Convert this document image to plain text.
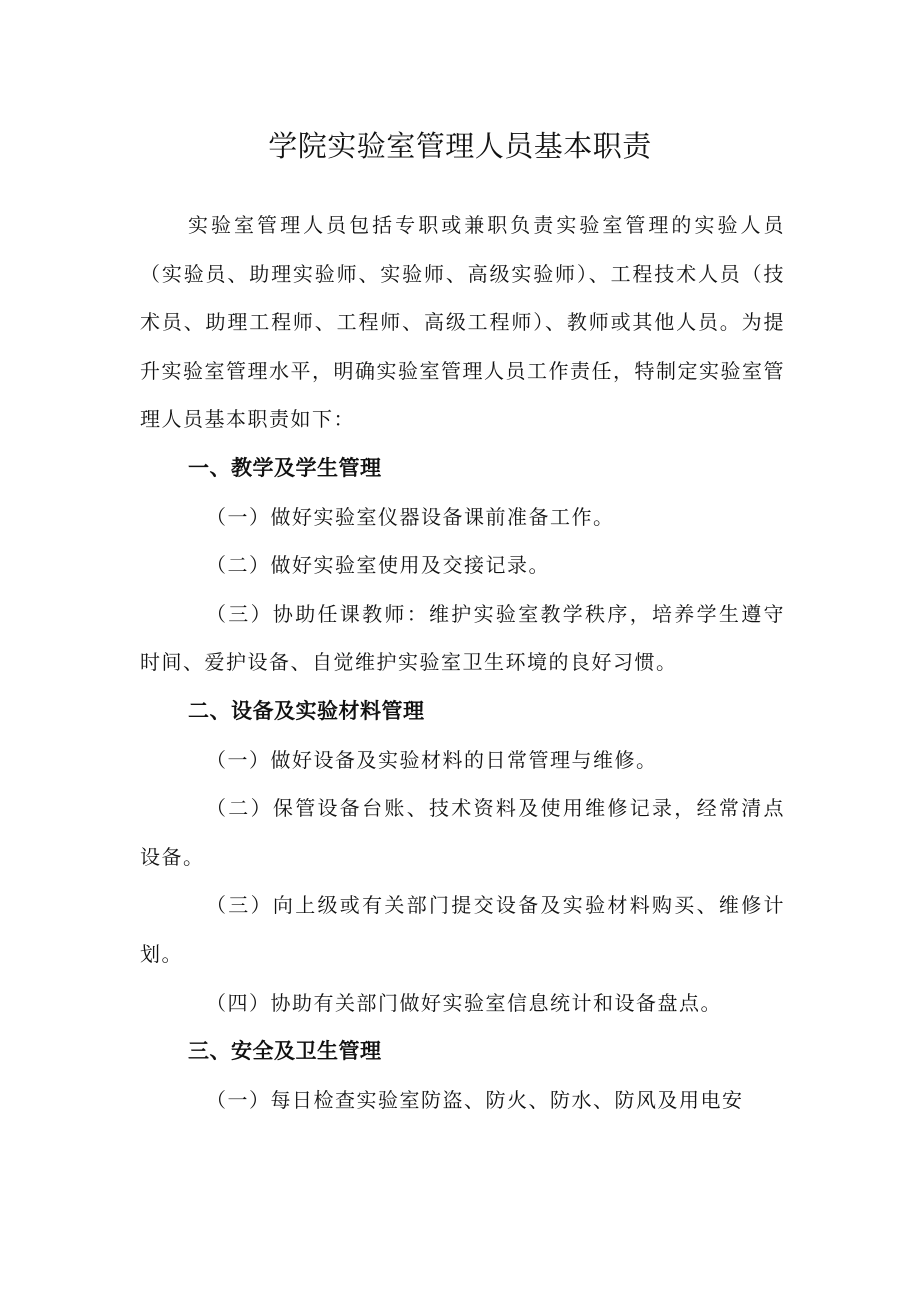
学院实验室管理人员基本职责

实验室管理人员包括专职或兼职负责实验室管理的实验人员（实验员、助理实验师、实验师、高级实验师）、工程技术人员（技术员、助理工程师、工程师、高级工程师）、教师或其他人员。为提升实验室管理水平，明确实验室管理人员工作责任，特制定实验室管理人员基本职责如下：

一、教学及学生管理

（一）做好实验室仪器设备课前准备工作。

（二）做好实验室使用及交接记录。

（三）协助任课教师：维护实验室教学秩序，培养学生遵守时间、爱护设备、自觉维护实验室卫生环境的良好习惯。

二、设备及实验材料管理

（一）做好设备及实验材料的日常管理与维修。

（二）保管设备台账、技术资料及使用维修记录，经常清点设备。

（三）向上级或有关部门提交设备及实验材料购买、维修计划。

（四）协助有关部门做好实验室信息统计和设备盘点。

三、安全及卫生管理

（一）每日检查实验室防盗、防火、防水、防风及用电安
